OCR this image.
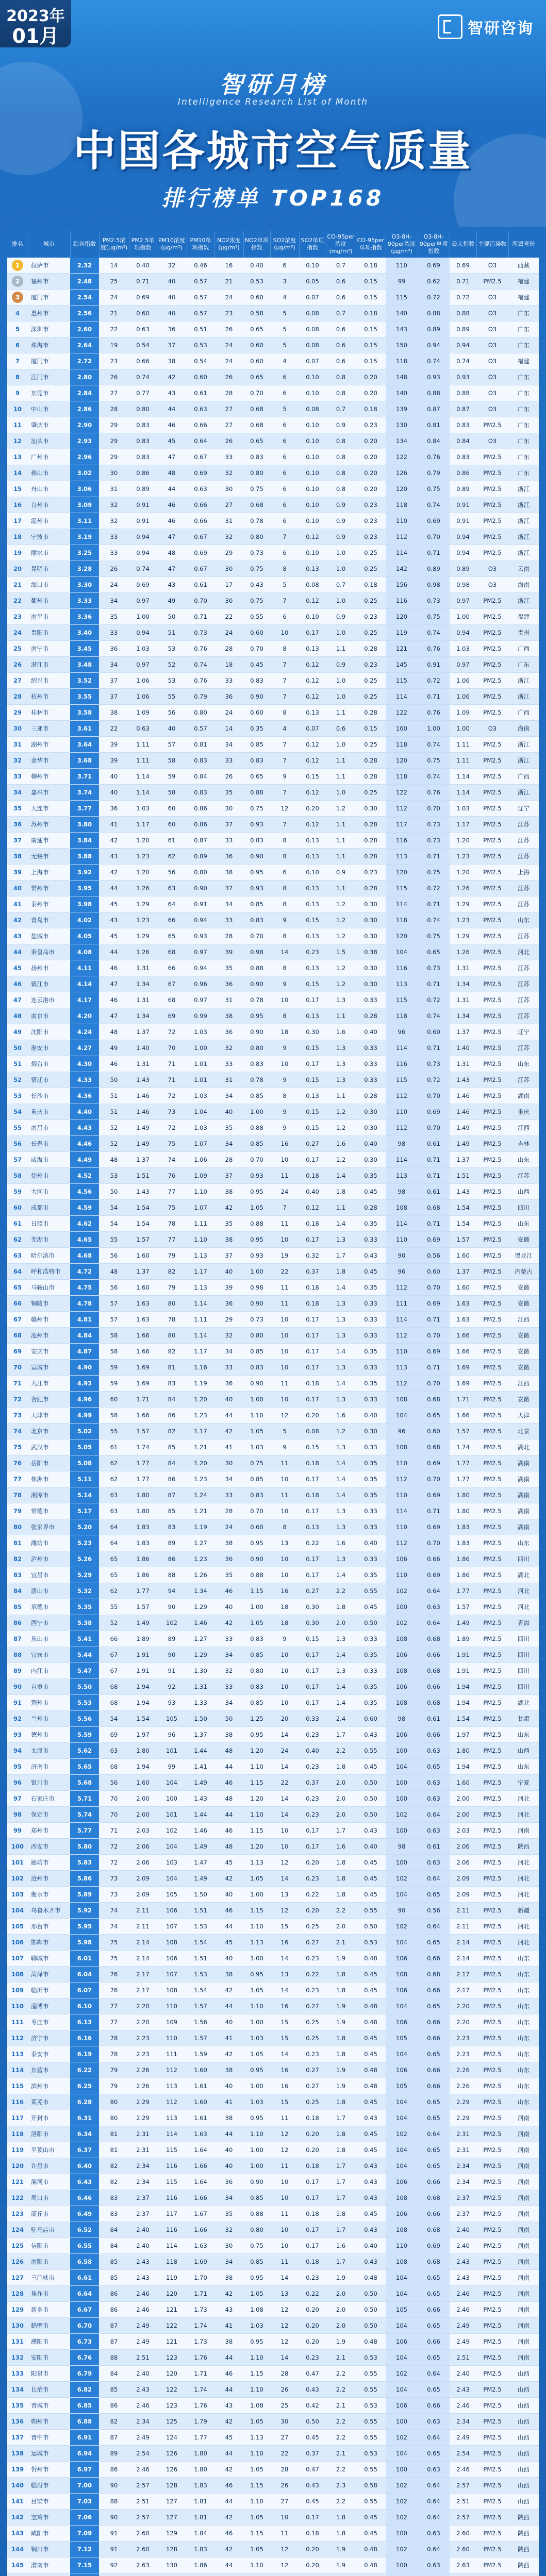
2023年
01月	智研咨询
智研月榜
Intelligence Research List of Month
中国各城市空气质量
排行榜单 TOP168
排名	城市	综合指数	PM2.5浓度(μg/m³)	PM2.5单项指数	PM10浓度(μg/m³)	PM10单项指数	NO2浓度(μg/m³)	NO2单项指数	SO2浓度(μg/m³)	SO2单项指数	CO-95per浓度(mg/m³)	CO-95per单项指数	O3-8H-90per浓度(μg/m³)	O3-8H-90per单项指数	最大指数	主要污染物	所属省份
1	拉萨市	2.32	14	0.40	32	0.46	16	0.40	6	0.10	0.7	0.18	110	0.69	0.69	O3	西藏
2	福州市	2.48	25	0.71	40	0.57	21	0.53	3	0.05	0.6	0.15	99	0.62	0.71	PM2.5	福建
3	厦门市	2.54	24	0.69	40	0.57	24	0.60	4	0.07	0.6	0.15	115	0.72	0.72	O3	福建
4	惠州市	2.56	21	0.60	40	0.57	23	0.58	5	0.08	0.7	0.18	140	0.88	0.88	O3	广东
5	深圳市	2.60	22	0.63	36	0.51	26	0.65	5	0.08	0.6	0.15	143	0.89	0.89	O3	广东
6	珠海市	2.64	19	0.54	37	0.53	24	0.60	5	0.08	0.6	0.15	150	0.94	0.94	O3	广东
7	厦门市	2.72	23	0.66	38	0.54	24	0.60	4	0.07	0.6	0.15	118	0.74	0.74	O3	福建
8	江门市	2.80	26	0.74	42	0.60	26	0.65	6	0.10	0.8	0.20	148	0.93	0.93	O3	广东
9	东莞市	2.84	27	0.77	43	0.61	28	0.70	6	0.10	0.8	0.20	140	0.88	0.88	O3	广东
10	中山市	2.86	28	0.80	44	0.63	27	0.68	5	0.08	0.7	0.18	139	0.87	0.87	O3	广东
11	肇庆市	2.90	29	0.83	46	0.66	27	0.68	6	0.10	0.9	0.23	130	0.81	0.83	PM2.5	广东
12	汕头市	2.93	29	0.83	45	0.64	26	0.65	6	0.10	0.8	0.20	134	0.84	0.84	O3	广东
13	广州市	2.96	29	0.83	47	0.67	33	0.83	6	0.10	0.8	0.20	122	0.76	0.83	PM2.5	广东
14	佛山市	3.02	30	0.86	48	0.69	32	0.80	6	0.10	0.8	0.20	126	0.79	0.86	PM2.5	广东
15	舟山市	3.06	31	0.89	44	0.63	30	0.75	6	0.10	0.8	0.20	120	0.75	0.89	PM2.5	浙江
16	台州市	3.09	32	0.91	46	0.66	27	0.68	6	0.10	0.9	0.23	118	0.74	0.91	PM2.5	浙江
17	温州市	3.11	32	0.91	46	0.66	31	0.78	6	0.10	0.9	0.23	110	0.69	0.91	PM2.5	浙江
18	宁波市	3.19	33	0.94	47	0.67	32	0.80	7	0.12	0.9	0.23	112	0.70	0.94	PM2.5	浙江
19	丽水市	3.25	33	0.94	48	0.69	29	0.73	6	0.10	1.0	0.25	114	0.71	0.94	PM2.5	浙江
20	昆明市	3.28	26	0.74	47	0.67	30	0.75	8	0.13	1.0	0.25	142	0.89	0.89	O3	云南
21	海口市	3.30	24	0.69	43	0.61	17	0.43	5	0.08	0.7	0.18	156	0.98	0.98	O3	海南
22	衢州市	3.33	34	0.97	49	0.70	30	0.75	7	0.12	1.0	0.25	116	0.73	0.97	PM2.5	浙江
23	南平市	3.36	35	1.00	50	0.71	22	0.55	6	0.10	0.9	0.23	120	0.75	1.00	PM2.5	福建
24	贵阳市	3.40	33	0.94	51	0.73	24	0.60	10	0.17	1.0	0.25	119	0.74	0.94	PM2.5	贵州
25	南宁市	3.45	36	1.03	53	0.76	28	0.70	8	0.13	1.1	0.28	121	0.76	1.03	PM2.5	广西
26	湛江市	3.48	34	0.97	52	0.74	18	0.45	7	0.12	0.9	0.23	145	0.91	0.97	PM2.5	广东
27	绍兴市	3.52	37	1.06	53	0.76	33	0.83	7	0.12	1.0	0.25	115	0.72	1.06	PM2.5	浙江
28	杭州市	3.55	37	1.06	55	0.79	36	0.90	7	0.12	1.0	0.25	114	0.71	1.06	PM2.5	浙江
29	桂林市	3.58	38	1.09	56	0.80	24	0.60	8	0.13	1.1	0.28	122	0.76	1.09	PM2.5	广西
30	三亚市	3.61	22	0.63	40	0.57	14	0.35	4	0.07	0.6	0.15	160	1.00	1.00	O3	海南
31	湖州市	3.64	39	1.11	57	0.81	34	0.85	7	0.12	1.0	0.25	118	0.74	1.11	PM2.5	浙江
32	金华市	3.68	39	1.11	58	0.83	33	0.83	7	0.12	1.1	0.28	120	0.75	1.11	PM2.5	浙江
33	柳州市	3.71	40	1.14	59	0.84	26	0.65	9	0.15	1.1	0.28	118	0.74	1.14	PM2.5	广西
34	嘉兴市	3.74	40	1.14	58	0.83	35	0.88	7	0.12	1.0	0.25	122	0.76	1.14	PM2.5	浙江
35	大连市	3.77	36	1.03	60	0.86	30	0.75	12	0.20	1.2	0.30	112	0.70	1.03	PM2.5	辽宁
36	苏州市	3.80	41	1.17	60	0.86	37	0.93	7	0.12	1.1	0.28	117	0.73	1.17	PM2.5	江苏
37	南通市	3.84	42	1.20	61	0.87	33	0.83	8	0.13	1.1	0.28	116	0.73	1.20	PM2.5	江苏
38	无锡市	3.88	43	1.23	62	0.89	36	0.90	8	0.13	1.1	0.28	113	0.71	1.23	PM2.5	江苏
39	上海市	3.92	42	1.20	56	0.80	38	0.95	6	0.10	0.9	0.23	120	0.75	1.20	PM2.5	上海
40	常州市	3.95	44	1.26	63	0.90	37	0.93	8	0.13	1.1	0.28	115	0.72	1.26	PM2.5	江苏
41	泰州市	3.98	45	1.29	64	0.91	34	0.85	8	0.13	1.2	0.30	114	0.71	1.29	PM2.5	江苏
42	青岛市	4.02	43	1.23	66	0.94	33	0.83	9	0.15	1.2	0.30	118	0.74	1.23	PM2.5	山东
43	盐城市	4.05	45	1.29	65	0.93	28	0.70	8	0.13	1.2	0.30	120	0.75	1.29	PM2.5	江苏
44	秦皇岛市	4.08	44	1.26	68	0.97	39	0.98	14	0.23	1.5	0.38	104	0.65	1.26	PM2.5	河北
45	扬州市	4.11	46	1.31	66	0.94	35	0.88	8	0.13	1.2	0.30	116	0.73	1.31	PM2.5	江苏
46	镇江市	4.14	47	1.34	67	0.96	36	0.90	9	0.15	1.2	0.30	113	0.71	1.34	PM2.5	江苏
47	连云港市	4.17	46	1.31	68	0.97	31	0.78	10	0.17	1.3	0.33	115	0.72	1.31	PM2.5	江苏
48	南京市	4.20	47	1.34	69	0.99	38	0.95	8	0.13	1.1	0.28	118	0.74	1.34	PM2.5	江苏
49	沈阳市	4.24	48	1.37	72	1.03	36	0.90	18	0.30	1.6	0.40	96	0.60	1.37	PM2.5	辽宁
50	淮安市	4.27	49	1.40	70	1.00	32	0.80	9	0.15	1.3	0.33	114	0.71	1.40	PM2.5	江苏
51	烟台市	4.30	46	1.31	71	1.01	33	0.83	10	0.17	1.3	0.33	116	0.73	1.31	PM2.5	山东
52	宿迁市	4.33	50	1.43	71	1.01	31	0.78	9	0.15	1.3	0.33	115	0.72	1.43	PM2.5	江苏
53	长沙市	4.36	51	1.46	72	1.03	34	0.85	8	0.13	1.1	0.28	112	0.70	1.46	PM2.5	湖南
54	重庆市	4.40	51	1.46	73	1.04	40	1.00	9	0.15	1.2	0.30	110	0.69	1.46	PM2.5	重庆
55	南昌市	4.43	52	1.49	72	1.03	35	0.88	9	0.15	1.2	0.30	112	0.70	1.49	PM2.5	江西
56	长春市	4.46	52	1.49	75	1.07	34	0.85	16	0.27	1.6	0.40	98	0.61	1.49	PM2.5	吉林
57	威海市	4.49	48	1.37	74	1.06	28	0.70	10	0.17	1.2	0.30	114	0.71	1.37	PM2.5	山东
58	徐州市	4.52	53	1.51	76	1.09	37	0.93	11	0.18	1.4	0.35	113	0.71	1.51	PM2.5	江苏
59	大同市	4.56	50	1.43	77	1.10	38	0.95	24	0.40	1.8	0.45	98	0.61	1.43	PM2.5	山西
60	成都市	4.59	54	1.54	75	1.07	42	1.05	7	0.12	1.1	0.28	108	0.68	1.54	PM2.5	四川
61	日照市	4.62	54	1.54	78	1.11	35	0.88	11	0.18	1.4	0.35	114	0.71	1.54	PM2.5	山东
62	芜湖市	4.65	55	1.57	77	1.10	38	0.95	10	0.17	1.3	0.33	110	0.69	1.57	PM2.5	安徽
63	哈尔滨市	4.68	56	1.60	79	1.13	37	0.93	19	0.32	1.7	0.43	90	0.56	1.60	PM2.5	黑龙江
64	呼和浩特市	4.72	48	1.37	82	1.17	40	1.00	22	0.37	1.8	0.45	96	0.60	1.37	PM2.5	内蒙古
65	马鞍山市	4.75	56	1.60	79	1.13	39	0.98	11	0.18	1.4	0.35	112	0.70	1.60	PM2.5	安徽
66	铜陵市	4.78	57	1.63	80	1.14	36	0.90	11	0.18	1.3	0.33	111	0.69	1.63	PM2.5	安徽
67	赣州市	4.81	57	1.63	78	1.11	29	0.73	10	0.17	1.3	0.33	114	0.71	1.63	PM2.5	江西
68	池州市	4.84	58	1.66	80	1.14	32	0.80	10	0.17	1.3	0.33	112	0.70	1.66	PM2.5	安徽
69	安庆市	4.87	58	1.66	82	1.17	34	0.85	10	0.17	1.4	0.35	110	0.69	1.66	PM2.5	安徽
70	宣城市	4.90	59	1.69	81	1.16	33	0.83	10	0.17	1.3	0.33	113	0.71	1.69	PM2.5	安徽
71	九江市	4.93	59	1.69	83	1.19	36	0.90	11	0.18	1.4	0.35	112	0.70	1.69	PM2.5	江西
72	合肥市	4.96	60	1.71	84	1.20	40	1.00	10	0.17	1.3	0.33	108	0.68	1.71	PM2.5	安徽
73	天津市	4.99	58	1.66	86	1.23	44	1.10	12	0.20	1.6	0.40	104	0.65	1.66	PM2.5	天津
74	北京市	5.02	55	1.57	82	1.17	42	1.05	5	0.08	1.2	0.30	96	0.60	1.57	PM2.5	北京
75	武汉市	5.05	61	1.74	85	1.21	41	1.03	9	0.15	1.3	0.33	108	0.68	1.74	PM2.5	湖北
76	岳阳市	5.08	62	1.77	84	1.20	30	0.75	11	0.18	1.4	0.35	110	0.69	1.77	PM2.5	湖南
77	株洲市	5.11	62	1.77	86	1.23	34	0.85	10	0.17	1.4	0.35	112	0.70	1.77	PM2.5	湖南
78	湘潭市	5.14	63	1.80	87	1.24	33	0.83	11	0.18	1.4	0.35	110	0.69	1.80	PM2.5	湖南
79	常德市	5.17	63	1.80	85	1.21	28	0.70	10	0.17	1.3	0.33	114	0.71	1.80	PM2.5	湖南
80	张家界市	5.20	64	1.83	83	1.19	24	0.60	8	0.13	1.3	0.33	110	0.69	1.83	PM2.5	湖南
81	潍坊市	5.23	64	1.83	89	1.27	38	0.95	13	0.22	1.6	0.40	112	0.70	1.83	PM2.5	山东
82	泸州市	5.26	65	1.86	86	1.23	36	0.90	10	0.17	1.3	0.33	106	0.66	1.86	PM2.5	四川
83	宜昌市	5.29	65	1.86	88	1.26	35	0.88	10	0.17	1.4	0.35	110	0.69	1.86	PM2.5	湖北
84	唐山市	5.32	62	1.77	94	1.34	46	1.15	16	0.27	2.2	0.55	102	0.64	1.77	PM2.5	河北
85	承德市	5.35	55	1.57	90	1.29	40	1.00	18	0.30	1.8	0.45	100	0.63	1.57	PM2.5	河北
86	西宁市	5.38	52	1.49	102	1.46	42	1.05	18	0.30	2.0	0.50	102	0.64	1.49	PM2.5	青海
87	乐山市	5.41	66	1.89	89	1.27	33	0.83	9	0.15	1.3	0.33	108	0.68	1.89	PM2.5	四川
88	宜宾市	5.44	67	1.91	90	1.29	34	0.85	10	0.17	1.4	0.35	106	0.66	1.91	PM2.5	四川
89	内江市	5.47	67	1.91	91	1.30	32	0.80	10	0.17	1.3	0.33	108	0.68	1.91	PM2.5	四川
90	自贡市	5.50	68	1.94	92	1.31	33	0.83	10	0.17	1.4	0.35	106	0.66	1.94	PM2.5	四川
91	荆州市	5.53	68	1.94	93	1.33	34	0.85	10	0.17	1.4	0.35	108	0.68	1.94	PM2.5	湖北
92	兰州市	5.56	54	1.54	105	1.50	50	1.25	20	0.33	2.4	0.60	98	0.61	1.54	PM2.5	甘肃
93	德州市	5.59	69	1.97	96	1.37	38	0.95	14	0.23	1.7	0.43	106	0.66	1.97	PM2.5	山东
94	太原市	5.62	63	1.80	101	1.44	48	1.20	24	0.40	2.2	0.55	100	0.63	1.80	PM2.5	山西
95	济南市	5.65	68	1.94	99	1.41	44	1.10	14	0.23	1.8	0.45	104	0.65	1.94	PM2.5	山东
96	银川市	5.68	56	1.60	104	1.49	46	1.15	22	0.37	2.0	0.50	100	0.63	1.60	PM2.5	宁夏
97	石家庄市	5.71	70	2.00	100	1.43	48	1.20	14	0.23	2.0	0.50	100	0.63	2.00	PM2.5	河北
98	保定市	5.74	70	2.00	101	1.44	44	1.10	14	0.23	2.0	0.50	102	0.64	2.00	PM2.5	河北
99	郑州市	5.77	71	2.03	102	1.46	46	1.15	10	0.17	1.7	0.43	100	0.63	2.03	PM2.5	河南
100	西安市	5.80	72	2.06	104	1.49	48	1.20	10	0.17	1.6	0.40	98	0.61	2.06	PM2.5	陕西
101	廊坊市	5.83	72	2.06	103	1.47	45	1.13	12	0.20	1.8	0.45	100	0.63	2.06	PM2.5	河北
102	沧州市	5.86	73	2.09	104	1.49	42	1.05	14	0.23	1.8	0.45	102	0.64	2.09	PM2.5	河北
103	衡水市	5.89	73	2.09	105	1.50	40	1.00	13	0.22	1.8	0.45	104	0.65	2.09	PM2.5	河北
104	乌鲁木齐市	5.92	74	2.11	106	1.51	46	1.15	12	0.20	2.2	0.55	90	0.56	2.11	PM2.5	新疆
105	邢台市	5.95	74	2.11	107	1.53	44	1.10	15	0.25	2.0	0.50	102	0.64	2.11	PM2.5	河北
106	邯郸市	5.98	75	2.14	108	1.54	45	1.13	16	0.27	2.1	0.53	104	0.65	2.14	PM2.5	河北
107	聊城市	6.01	75	2.14	106	1.51	40	1.00	14	0.23	1.9	0.48	106	0.66	2.14	PM2.5	山东
108	菏泽市	6.04	76	2.17	107	1.53	38	0.95	13	0.22	1.8	0.45	108	0.68	2.17	PM2.5	山东
109	临沂市	6.07	76	2.17	108	1.54	42	1.05	14	0.23	1.8	0.45	106	0.66	2.17	PM2.5	山东
110	淄博市	6.10	77	2.20	110	1.57	44	1.10	16	0.27	1.9	0.48	104	0.65	2.20	PM2.5	山东
111	枣庄市	6.13	77	2.20	109	1.56	40	1.00	15	0.25	1.9	0.48	106	0.66	2.20	PM2.5	山东
112	济宁市	6.16	78	2.23	110	1.57	41	1.03	15	0.25	1.8	0.45	105	0.66	2.23	PM2.5	山东
113	泰安市	6.19	78	2.23	111	1.59	42	1.05	14	0.23	1.8	0.45	104	0.65	2.23	PM2.5	山东
114	东营市	6.22	79	2.26	112	1.60	38	0.95	16	0.27	1.9	0.48	106	0.66	2.26	PM2.5	山东
115	滨州市	6.25	79	2.26	113	1.61	40	1.00	16	0.27	1.9	0.48	105	0.66	2.26	PM2.5	山东
116	莱芜市	6.28	80	2.29	112	1.60	41	1.03	15	0.25	1.8	0.45	104	0.65	2.29	PM2.5	山东
117	开封市	6.31	80	2.29	113	1.61	38	0.95	11	0.18	1.7	0.43	104	0.65	2.29	PM2.5	河南
118	洛阳市	6.34	81	2.31	114	1.63	44	1.10	12	0.20	1.8	0.45	102	0.64	2.31	PM2.5	河南
119	平顶山市	6.37	81	2.31	115	1.64	40	1.00	12	0.20	1.8	0.45	104	0.65	2.31	PM2.5	河南
120	许昌市	6.40	82	2.34	116	1.66	40	1.00	11	0.18	1.7	0.43	104	0.65	2.34	PM2.5	河南
121	漯河市	6.43	82	2.34	115	1.64	36	0.90	10	0.17	1.7	0.43	106	0.66	2.34	PM2.5	河南
122	周口市	6.46	83	2.37	116	1.66	34	0.85	10	0.17	1.7	0.43	108	0.68	2.37	PM2.5	河南
123	商丘市	6.49	83	2.37	117	1.67	35	0.88	11	0.18	1.8	0.45	106	0.66	2.37	PM2.5	河南
124	驻马店市	6.52	84	2.40	116	1.66	32	0.80	10	0.17	1.7	0.43	108	0.68	2.40	PM2.5	河南
125	信阳市	6.55	84	2.40	114	1.63	30	0.75	10	0.17	1.6	0.40	110	0.69	2.40	PM2.5	河南
126	南阳市	6.58	85	2.43	118	1.69	34	0.85	11	0.18	1.7	0.43	108	0.68	2.43	PM2.5	河南
127	三门峡市	6.61	85	2.43	119	1.70	38	0.95	14	0.23	1.9	0.48	104	0.65	2.43	PM2.5	河南
128	焦作市	6.64	86	2.46	120	1.71	42	1.05	13	0.22	2.0	0.50	104	0.65	2.46	PM2.5	河南
129	新乡市	6.67	86	2.46	121	1.73	43	1.08	12	0.20	2.0	0.50	105	0.66	2.46	PM2.5	河南
130	鹤壁市	6.70	87	2.49	122	1.74	41	1.03	12	0.20	2.0	0.50	104	0.65	2.49	PM2.5	河南
131	濮阳市	6.73	87	2.49	121	1.73	38	0.95	12	0.20	1.9	0.48	106	0.66	2.49	PM2.5	河南
132	安阳市	6.76	88	2.51	123	1.76	44	1.10	14	0.23	2.1	0.53	104	0.65	2.51	PM2.5	河南
133	阳泉市	6.79	84	2.40	120	1.71	46	1.15	28	0.47	2.2	0.55	102	0.64	2.40	PM2.5	山西
134	长治市	6.82	85	2.43	122	1.74	44	1.10	26	0.43	2.2	0.55	104	0.65	2.43	PM2.5	山西
135	晋城市	6.85	86	2.46	123	1.76	43	1.08	25	0.42	2.1	0.53	106	0.66	2.46	PM2.5	山西
136	朔州市	6.88	82	2.34	125	1.79	42	1.05	30	0.50	2.2	0.55	100	0.63	2.34	PM2.5	山西
137	晋中市	6.91	87	2.49	124	1.77	45	1.13	27	0.45	2.2	0.55	102	0.64	2.49	PM2.5	山西
138	运城市	6.94	89	2.54	126	1.80	44	1.10	22	0.37	2.1	0.53	104	0.65	2.54	PM2.5	山西
139	忻州市	6.97	86	2.46	126	1.80	42	1.05	28	0.47	2.2	0.55	100	0.63	2.46	PM2.5	山西
140	临汾市	7.00	90	2.57	128	1.83	46	1.15	26	0.43	2.3	0.58	102	0.64	2.57	PM2.5	山西
141	吕梁市	7.03	88	2.51	127	1.81	44	1.10	27	0.45	2.2	0.55	102	0.64	2.51	PM2.5	山西
142	宝鸡市	7.06	90	2.57	127	1.81	42	1.05	10	0.17	1.8	0.45	102	0.64	2.57	PM2.5	陕西
143	咸阳市	7.09	91	2.60	129	1.84	46	1.15	11	0.18	1.8	0.45	100	0.63	2.60	PM2.5	陕西
144	铜川市	7.12	91	2.60	128	1.83	42	1.05	12	0.20	1.9	0.48	102	0.64	2.60	PM2.5	陕西
145	渭南市	7.15	92	2.63	130	1.86	44	1.10	12	0.20	1.9	0.48	100	0.63	2.63	PM2.5	陕西
